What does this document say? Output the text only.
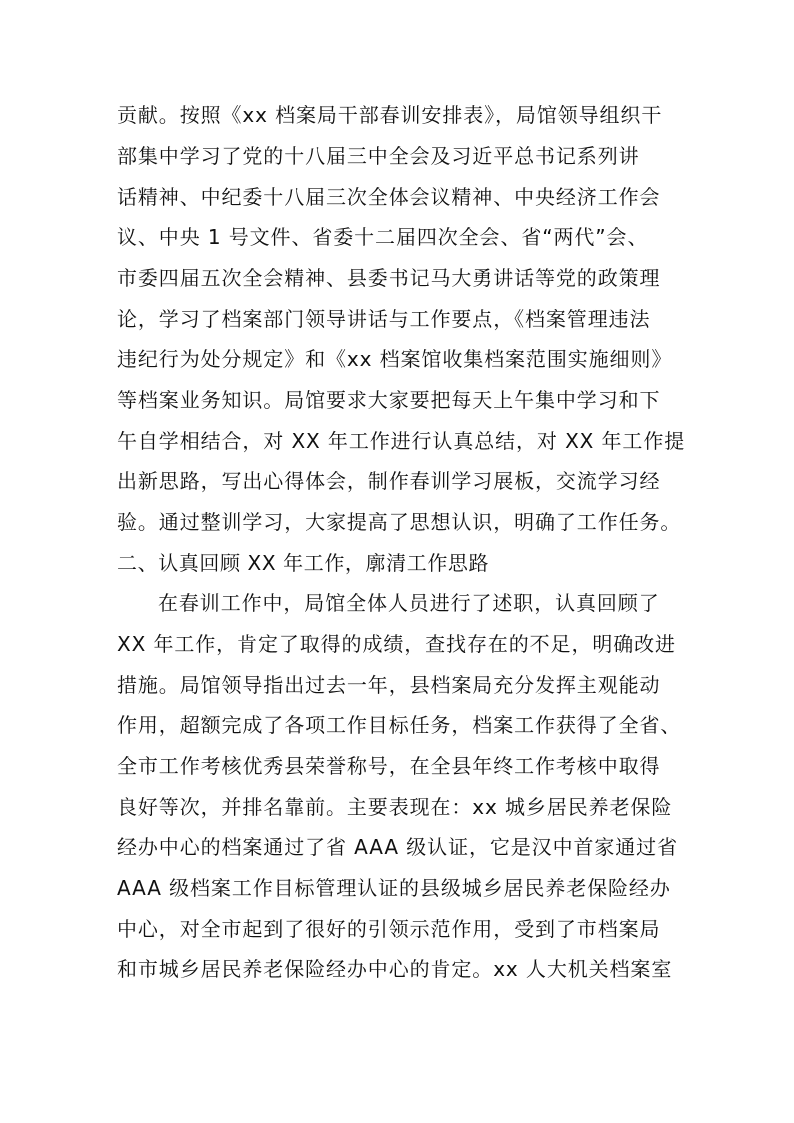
贡献。按照《xx 档案局干部春训安排表》，局馆领导组织干
部集中学习了党的十八届三中全会及习近平总书记系列讲
话精神、中纪委十八届三次全体会议精神、中央经济工作会
议、中央 1 号文件、省委十二届四次全会、省“两代”会、
市委四届五次全会精神、县委书记马大勇讲话等党的政策理
论，学习了档案部门领导讲话与工作要点，《档案管理违法
违纪行为处分规定》和《xx 档案馆收集档案范围实施细则》
等档案业务知识。局馆要求大家要把每天上午集中学习和下
午自学相结合，对 XX 年工作进行认真总结，对 XX 年工作提
出新思路，写出心得体会，制作春训学习展板，交流学习经
验。通过整训学习，大家提高了思想认识，明确了工作任务。
二、认真回顾 XX 年工作，廓清工作思路
在春训工作中，局馆全体人员进行了述职，认真回顾了
XX 年工作，肯定了取得的成绩，查找存在的不足，明确改进
措施。局馆领导指出过去一年，县档案局充分发挥主观能动
作用，超额完成了各项工作目标任务，档案工作获得了全省、
全市工作考核优秀县荣誉称号，在全县年终工作考核中取得
良好等次，并排名靠前。主要表现在：xx 城乡居民养老保险
经办中心的档案通过了省 AAA 级认证，它是汉中首家通过省
AAA 级档案工作目标管理认证的县级城乡居民养老保险经办
中心，对全市起到了很好的引领示范作用，受到了市档案局
和市城乡居民养老保险经办中心的肯定。xx 人大机关档案室
